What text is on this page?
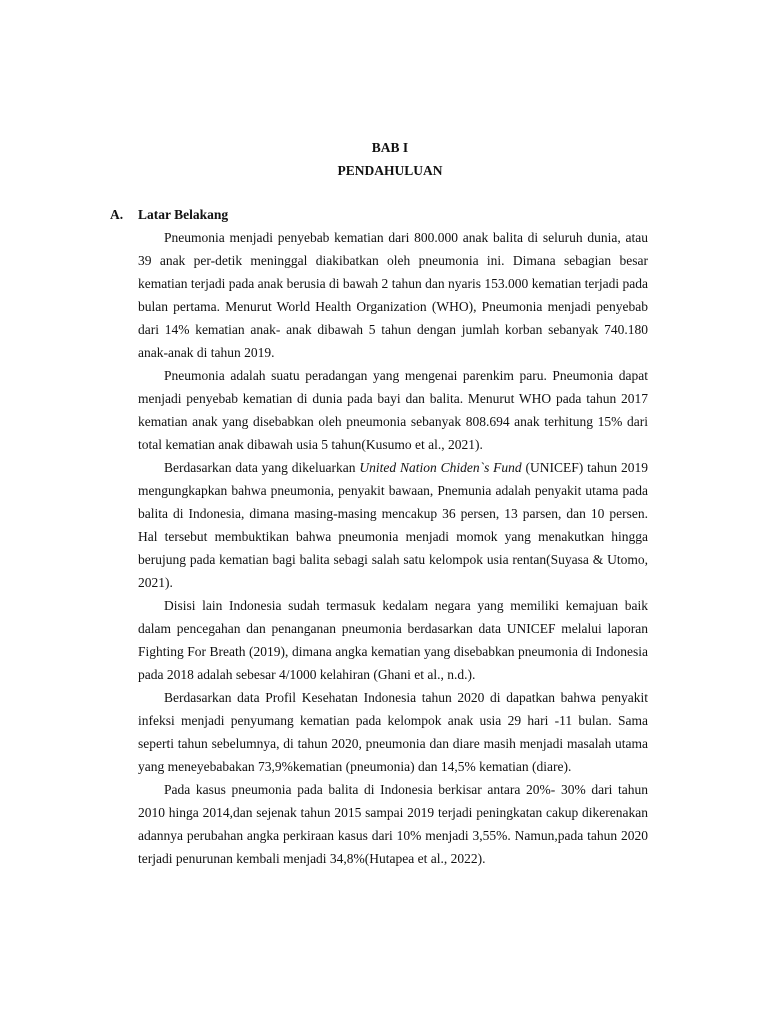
BAB I
PENDAHULUAN
A. Latar Belakang

Pneumonia menjadi penyebab kematian dari 800.000 anak balita di seluruh dunia, atau 39 anak per-detik meninggal diakibatkan oleh pneumonia ini. Dimana sebagian besar kematian terjadi pada anak berusia di bawah 2 tahun dan nyaris 153.000 kematian terjadi pada bulan pertama. Menurut World Health Organization (WHO), Pneumonia menjadi penyebab dari 14% kematian anak- anak dibawah 5 tahun dengan jumlah korban sebanyak 740.180 anak-anak di tahun 2019.

Pneumonia adalah suatu peradangan yang mengenai parenkim paru. Pneumonia dapat menjadi penyebab kematian di dunia pada bayi dan balita. Menurut WHO pada tahun 2017 kematian anak yang disebabkan oleh pneumonia sebanyak 808.694 anak terhitung 15% dari total kematian anak dibawah usia 5 tahun(Kusumo et al., 2021).

Berdasarkan data yang dikeluarkan United Nation Chiden`s Fund (UNICEF) tahun 2019 mengungkapkan bahwa pneumonia, penyakit bawaan, Pnemunia adalah penyakit utama pada balita di Indonesia, dimana masing-masing mencakup 36 persen, 13 parsen, dan 10 persen. Hal tersebut membuktikan bahwa pneumonia menjadi momok yang menakutkan hingga berujung pada kematian bagi balita sebagi salah satu kelompok usia rentan(Suyasa & Utomo, 2021).

Disisi lain Indonesia sudah termasuk kedalam negara yang memiliki kemajuan baik dalam pencegahan dan penanganan pneumonia berdasarkan data UNICEF melalui laporan Fighting For Breath (2019), dimana angka kematian yang disebabkan pneumonia di Indonesia pada 2018 adalah sebesar 4/1000 kelahiran (Ghani et al., n.d.).

Berdasarkan data Profil Kesehatan Indonesia tahun 2020 di dapatkan bahwa penyakit infeksi menjadi penyumang kematian pada kelompok anak usia 29 hari -11 bulan. Sama seperti tahun sebelumnya, di tahun 2020, pneumonia dan diare masih menjadi masalah utama yang meneyebabakan 73,9%kematian (pneumonia) dan 14,5% kematian (diare).

Pada kasus pneumonia pada balita di Indonesia berkisar antara 20%- 30% dari tahun 2010 hinga 2014,dan sejenak tahun 2015 sampai 2019 terjadi peningkatan cakup dikerenakan adannya perubahan angka perkiraan kasus dari 10% menjadi 3,55%. Namun,pada tahun 2020 terjadi penurunan kembali menjadi 34,8%(Hutapea et al., 2022).
